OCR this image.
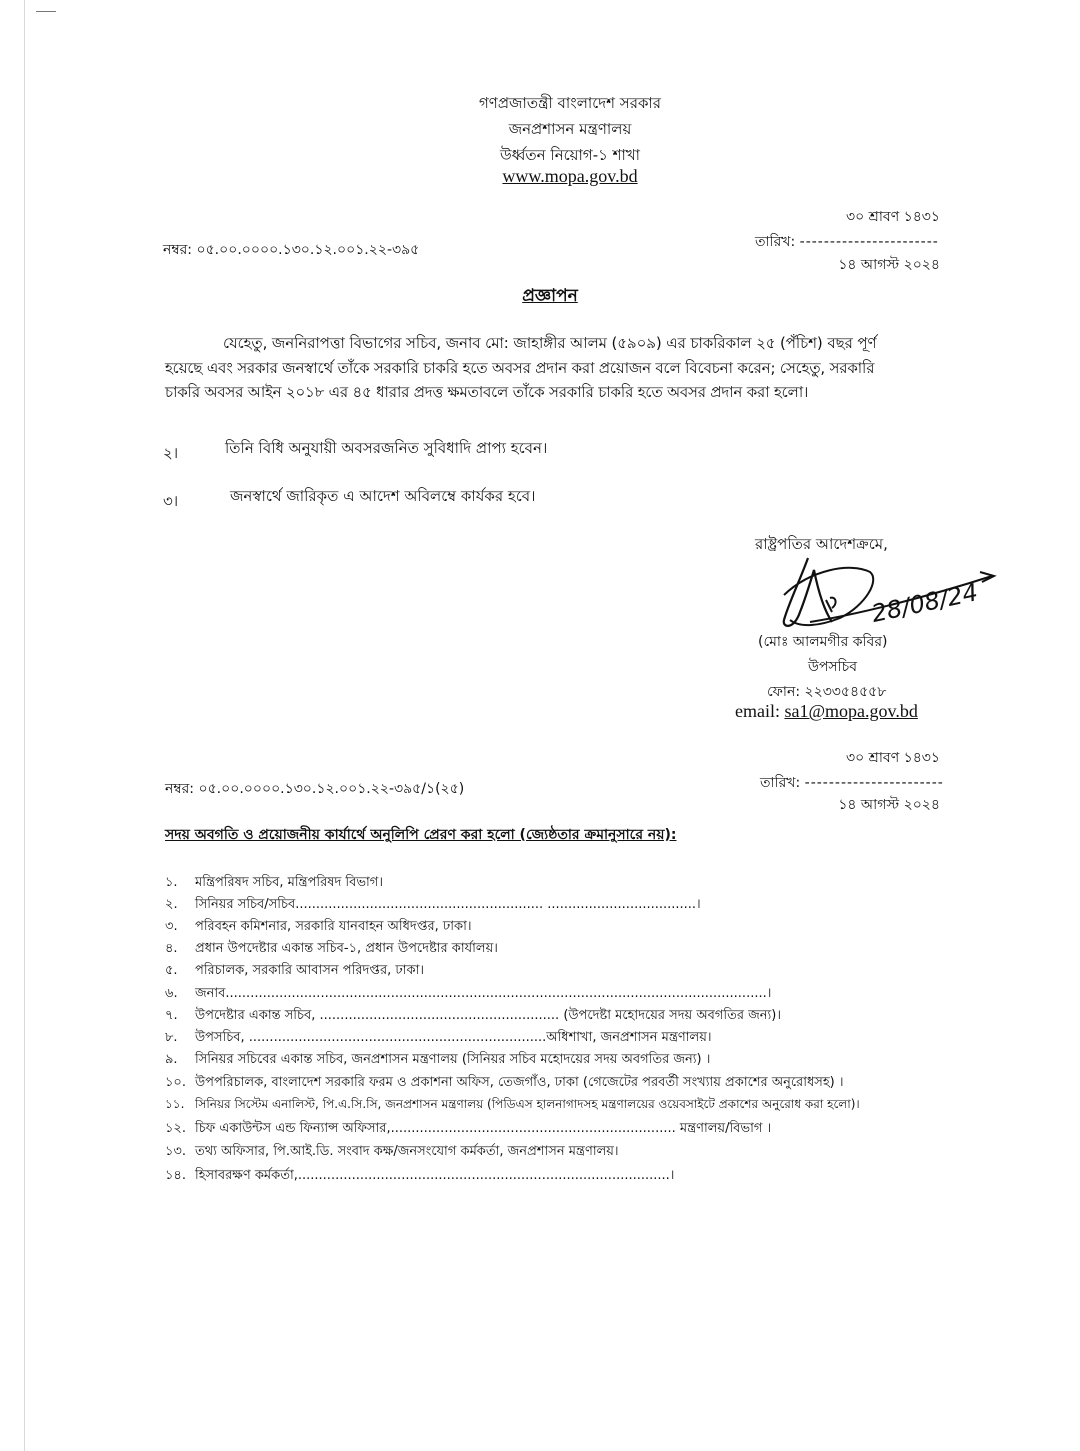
গণপ্রজাতন্ত্রী বাংলাদেশ সরকার
জনপ্রশাসন মন্ত্রণালয়
উর্ধ্বতন নিয়োগ-১ শাখা
www.mopa.gov.bd
৩০ শ্রাবণ ১৪৩১
তারিখ: -----------------------
নম্বর: ০৫.০০.০০০০.১৩০.১২.০০১.২২-৩৯৫
১৪ আগস্ট ২০২৪
প্রজ্ঞাপন
যেহেতু, জননিরাপত্তা বিভাগের সচিব, জনাব মো: জাহাঙ্গীর আলম (৫৯০৯) এর চাকরিকাল ২৫ (পঁচিশ) বছর পূর্ণ
হয়েছে এবং সরকার জনস্বার্থে তাঁকে সরকারি চাকরি হতে অবসর প্রদান করা প্রয়োজন বলে বিবেচনা করেন; সেহেতু, সরকারি
চাকরি অবসর আইন ২০১৮ এর ৪৫ ধারার প্রদত্ত ক্ষমতাবলে তাঁকে সরকারি চাকরি হতে অবসর প্রদান করা হলো।
২।	তিনি বিধি অনুযায়ী অবসরজনিত সুবিধাদি প্রাপ্য হবেন।
৩।	জনস্বার্থে জারিকৃত এ আদেশ অবিলম্বে কার্যকর হবে।
রাষ্ট্রপতির আদেশক্রমে,
28/08/24
(মোঃ আলমগীর কবির)
উপসচিব
ফোন: ২২৩৩৫৪৫৫৮
email: sa1@mopa.gov.bd
৩০ শ্রাবণ ১৪৩১
তারিখ: -----------------------
নম্বর: ০৫.০০.০০০০.১৩০.১২.০০১.২২-৩৯৫/১(২৫)
১৪ আগস্ট ২০২৪
সদয় অবগতি ও প্রয়োজনীয় কার্যার্থে অনুলিপি প্রেরণ করা হলো (জ্যেষ্ঠতার ক্রমানুসারে নয়):
১. মন্ত্রিপরিষদ সচিব, মন্ত্রিপরিষদ বিভাগ।
২. সিনিয়র সচিব/সচিব............................................................ ....................................।
৩. পরিবহন কমিশনার, সরকারি যানবাহন অধিদপ্তর, ঢাকা।
৪. প্রধান উপদেষ্টার একান্ত সচিব-১, প্রধান উপদেষ্টার কার্যালয়।
৫. পরিচালক, সরকারি আবাসন পরিদপ্তর, ঢাকা।
৬. জনাব...................................................................................................................................।
৭. উপদেষ্টার একান্ত সচিব, .......................................................... (উপদেষ্টা মহোদয়ের সদয় অবগতির জন্য)।
৮. উপসচিব, ........................................................................অধিশাখা, জনপ্রশাসন মন্ত্রণালয়।
৯. সিনিয়র সচিবের একান্ত সচিব, জনপ্রশাসন মন্ত্রণালয় (সিনিয়র সচিব মহোদয়ের সদয় অবগতির জন্য) ।
১০. উপপরিচালক, বাংলাদেশ সরকারি ফরম ও প্রকাশনা অফিস, তেজগাঁও, ঢাকা (গেজেটের পরবর্তী সংখ্যায় প্রকাশের অনুরোধসহ) ।
১১. সিনিয়র সিস্টেম এনালিস্ট, পি.এ.সি.সি, জনপ্রশাসন মন্ত্রণালয় (পিডিএস হালনাগাদসহ মন্ত্রণালয়ের ওয়েবসাইটে প্রকাশের অনুরোধ করা হলো)।
১২. চিফ একাউন্টস এন্ড ফিন্যান্স অফিসার,..................................................................... মন্ত্রণালয়/বিভাগ ।
১৩. তথ্য অফিসার, পি.আই.ডি. সংবাদ কক্ষ/জনসংযোগ কর্মকর্তা, জনপ্রশাসন মন্ত্রণালয়।
১৪. হিসাবরক্ষণ কর্মকর্তা,..........................................................................................।
